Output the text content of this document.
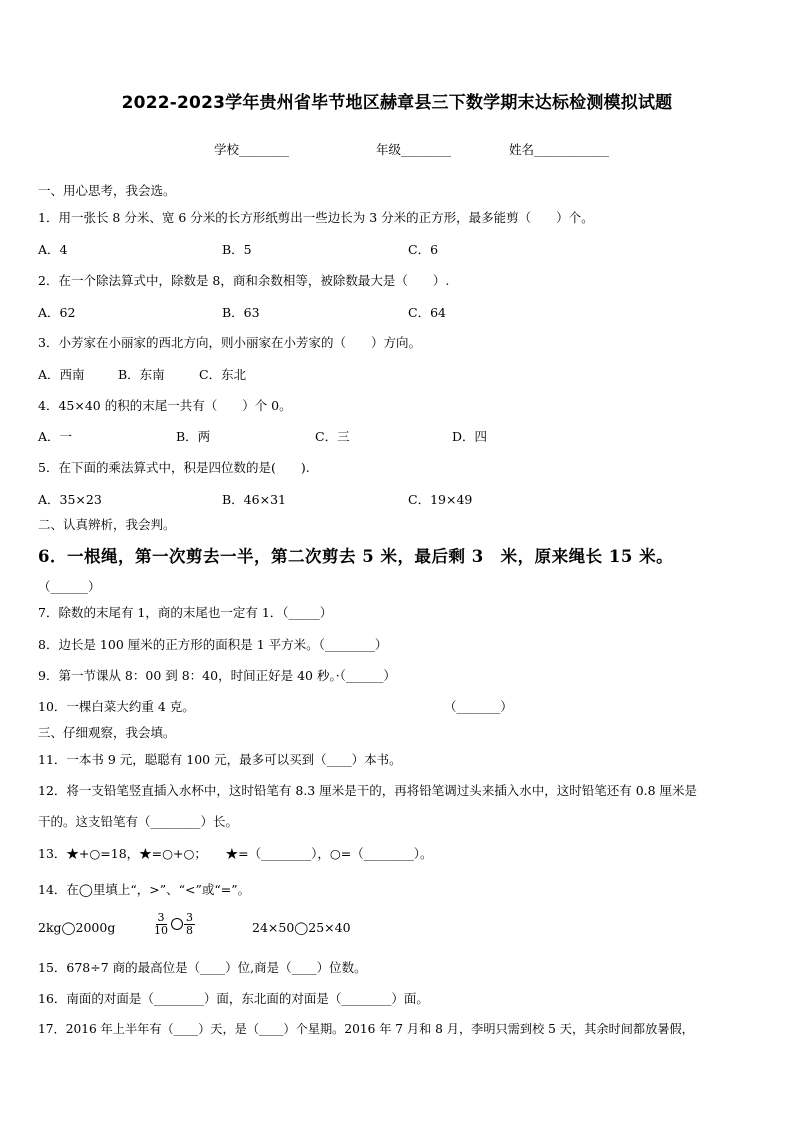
2022-2023学年贵州省毕节地区赫章县三下数学期末达标检测模拟试题
学校________	年级________	姓名____________
一、用心思考，我会选。
1．用一张长 8 分米、宽 6 分米的长方形纸剪出一些边长为 3 分米的正方形，最多能剪（　　）个。
A．4	B．5	C．6
2．在一个除法算式中，除数是 8，商和余数相等，被除数最大是（　　）.
A．62	B．63	C．64
3．小芳家在小丽家的西北方向，则小丽家在小芳家的（　　）方向。
A．西南	B．东南	C．东北
4．45×40 的积的末尾一共有（　　）个 0。
A．一	B．两	C．三	D．四
5．在下面的乘法算式中，积是四位数的是(　　).
A．35×23	B．46×31	C．19×49
二、认真辨析，我会判。
6．一根绳，第一次剪去一半，第二次剪去 5 米，最后剩 3　米，原来绳长 15 米。
（______）
7．除数的末尾有 1，商的末尾也一定有 1．（_____）
8．边长是 100 厘米的正方形的面积是 1 平方米。（________）
9．第一节课从 8：00 到 8：40，时间正好是 40 秒。·（______）
10．一棵白菜大约重 4 克。	（_______）
三、仔细观察，我会填。
11．一本书 9 元，聪聪有 100 元，最多可以买到（____）本书。
12．将一支铅笔竖直插入水杯中，这时铅笔有 8.3 厘米是干的，再将铅笔调过头来插入水中，这时铅笔还有 0.8 厘米是
干的。这支铅笔有（________）长。
13．★+○=18，★=○+○；　　★=（________），○=（________）。
14．在◯里填上“，>”、“<”或“=”。
2kg◯2000g	$\frac{3}{10} \frac{3}{8}$	24×50◯25×40
15．678÷7 商的最高位是（____）位,商是（____）位数。
16．南面的对面是（________）面，东北面的对面是（________）面。
17．2016 年上半年有（____）天，是（____）个星期。2016 年 7 月和 8 月，李明只需到校 5 天，其余时间都放暑假，
